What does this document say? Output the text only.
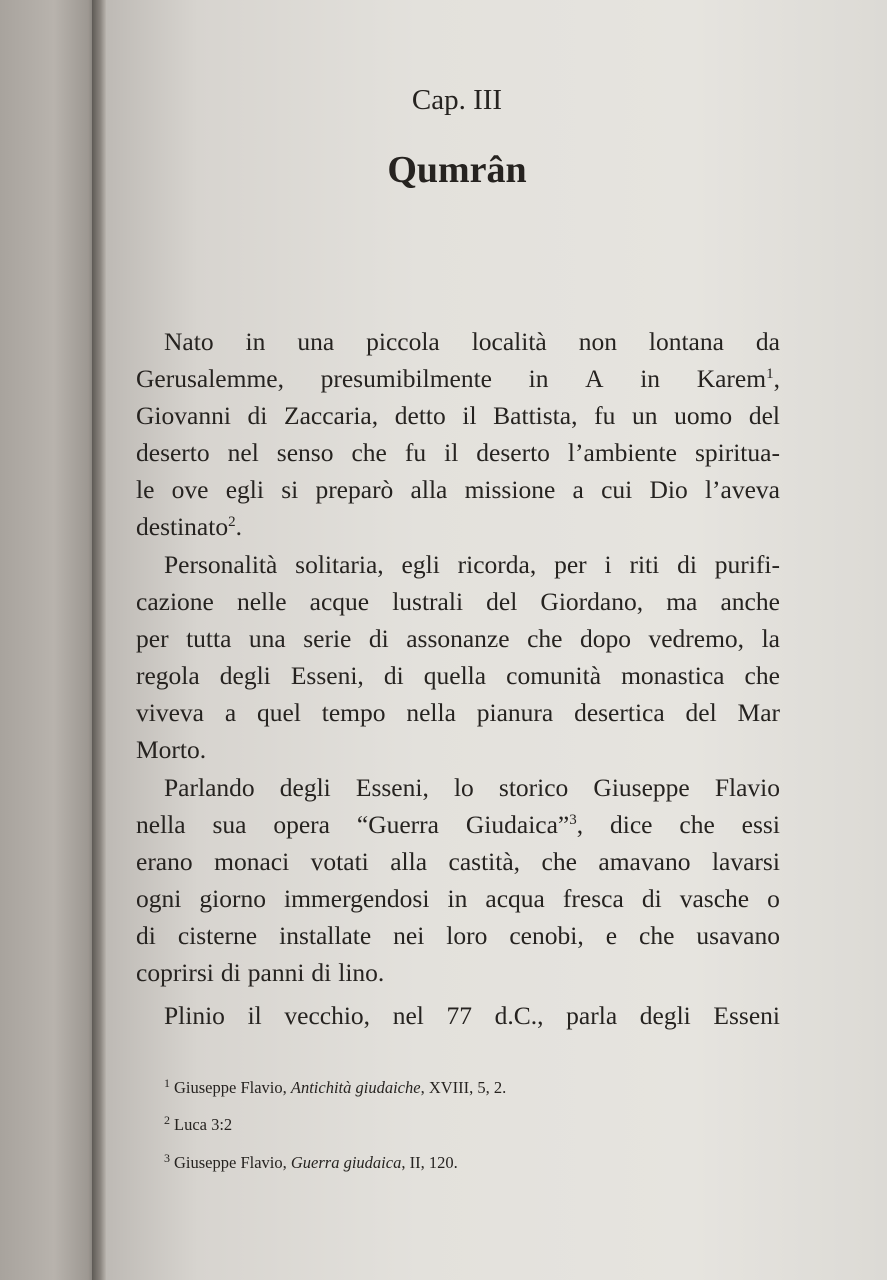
Cap. III
Qumrân
Nato in una piccola località non lontana da
Gerusalemme, presumibilmente in A in Karem$^1$,
Giovanni di Zaccaria, detto il Battista, fu un uomo del
deserto nel senso che fu il deserto l’ambiente spiritua-
le ove egli si preparò alla missione a cui Dio l’aveva
destinato$^2$.
Personalità solitaria, egli ricorda, per i riti di purifi-
cazione nelle acque lustrali del Giordano, ma anche
per tutta una serie di assonanze che dopo vedremo, la
regola degli Esseni, di quella comunità monastica che
viveva a quel tempo nella pianura desertica del Mar
Morto.
Parlando degli Esseni, lo storico Giuseppe Flavio
nella sua opera “Guerra Giudaica”$^3$, dice che essi
erano monaci votati alla castità, che amavano lavarsi
ogni giorno immergendosi in acqua fresca di vasche o
di cisterne installate nei loro cenobi, e che usavano
coprirsi di panni di lino.
Plinio il vecchio, nel 77 d.C., parla degli Esseni
$^1$ Giuseppe Flavio, Antichità giudaiche, XVIII, 5, 2.
$^2$ Luca 3:2
$^3$ Giuseppe Flavio, Guerra giudaica, II, 120.
